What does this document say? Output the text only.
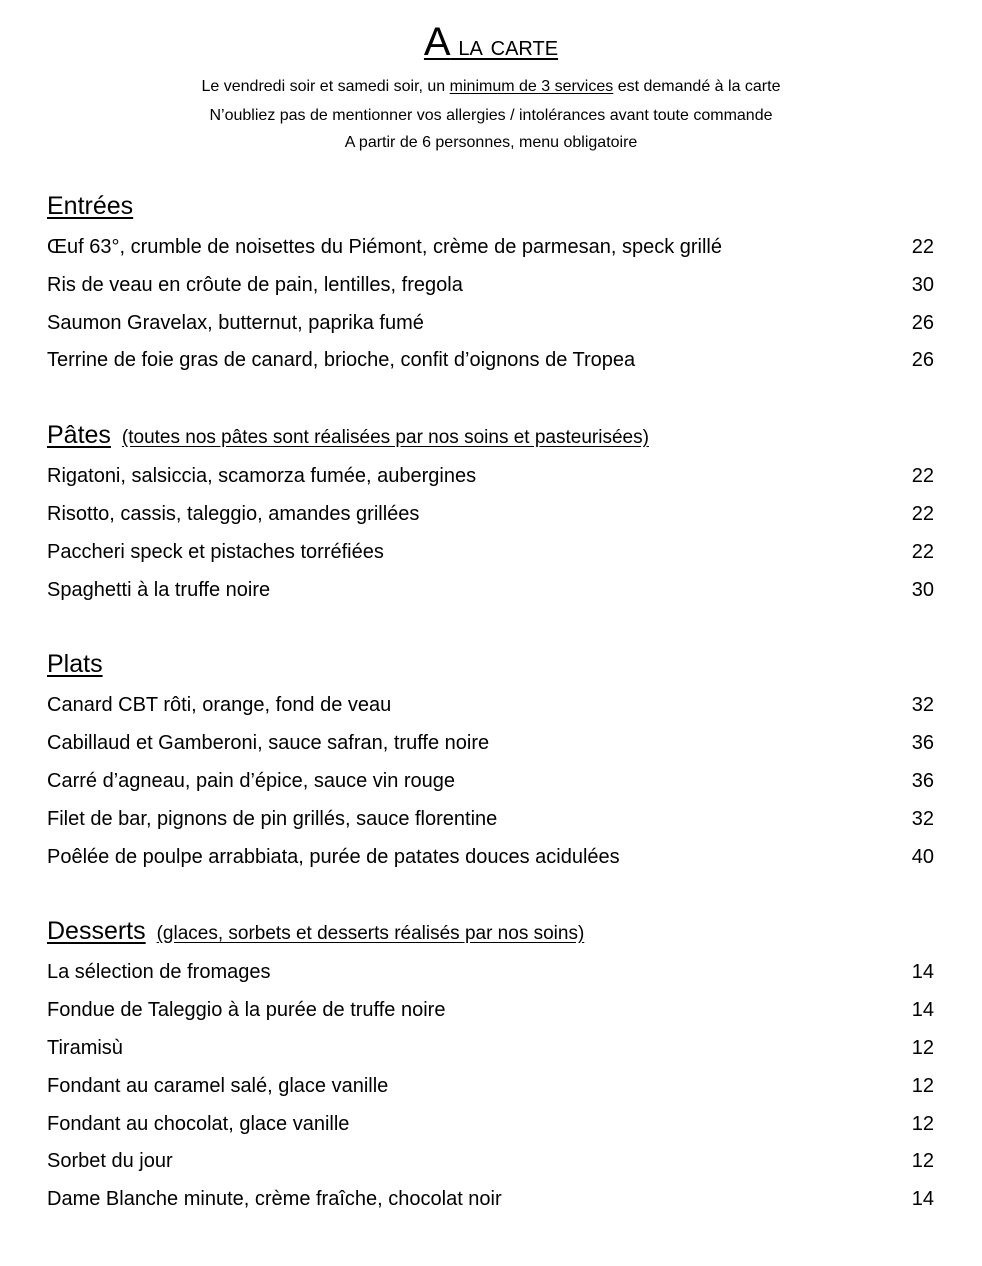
A la carte
Le vendredi soir et samedi soir, un minimum de 3 services est demandé à la carte
N’oubliez pas de mentionner vos allergies / intolérances avant toute commande
A partir de 6 personnes, menu obligatoire
Entrées
Œuf 63°, crumble de noisettes du Piémont, crème de parmesan, speck grillé	22
Ris de veau en crôute de pain, lentilles, fregola	30
Saumon Gravelax, butternut, paprika fumé	26
Terrine de foie gras de canard, brioche, confit d’oignons de Tropea	26
Pâtes (toutes nos pâtes sont réalisées par nos soins et pasteurisées)
Rigatoni, salsiccia, scamorza fumée, aubergines	22
Risotto, cassis, taleggio, amandes grillées	22
Paccheri speck et pistaches torréfiées	22
Spaghetti à la truffe noire	30
Plats
Canard CBT rôti, orange, fond de veau	32
Cabillaud et Gamberoni, sauce safran, truffe noire	36
Carré d’agneau, pain d’épice, sauce vin rouge	36
Filet de bar, pignons de pin grillés, sauce florentine	32
Poêlée de poulpe arrabbiata, purée de patates douces acidulées	40
Desserts (glaces, sorbets et desserts réalisés par nos soins)
La sélection de fromages	14
Fondue de Taleggio à la purée de truffe noire	14
Tiramisù	12
Fondant au caramel salé, glace vanille	12
Fondant au chocolat, glace vanille	12
Sorbet du jour	12
Dame Blanche minute, crème fraîche, chocolat noir	14
